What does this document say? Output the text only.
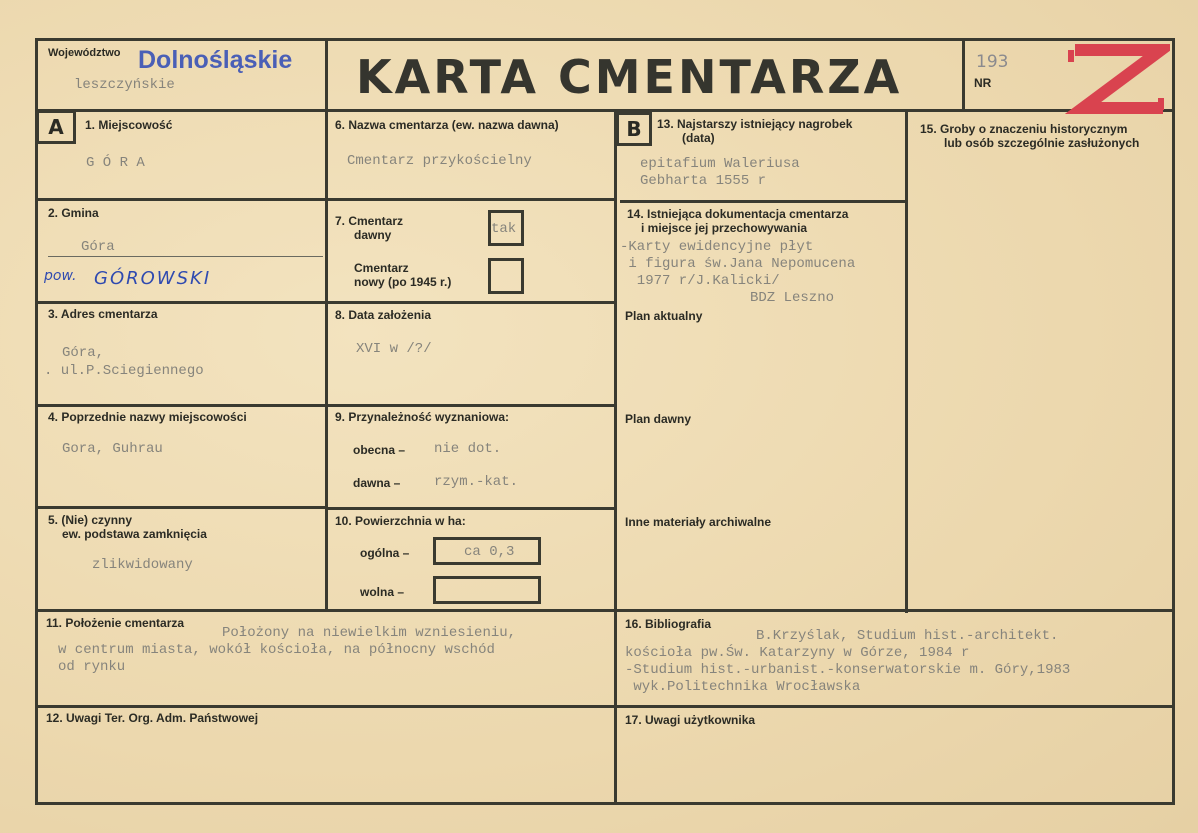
Województwo Dolnośląskie
leszczyńskie	KARTA CMENTARZA	NR
193
A	1. Miejscowość
G Ó R A
2. Gmina
Góra
pow. GÓROWSKI
3. Adres cmentarza
Góra,
. ul.P.Sciegiennego
4. Poprzednie nazwy miejscowości
Gora, Guhrau
5. (Nie) czynny
ew. podstawa zamknięcia
zlikwidowany
6. Nazwa cmentarza (ew. nazwa dawna)
Cmentarz przykościelny
7. Cmentarz
dawny	tak
Cmentarz
nowy (po 1945 r.)
8. Data założenia
XVI w /?/
9. Przynależność wyznaniowa:
obecna – nie dot.
dawna – rzym.-kat.
10. Powierzchnia w ha:
ogólna –	ca 0,3
wolna –
B	13. Najstarszy istniejący nagrobek
(data)
epitafium Waleriusa
Gebharta 1555 r
14. Istniejąca dokumentacja cmentarza
i miejsce jej przechowywania
-Karty ewidencyjne płyt
i figura św.Jana Nepomucena
1977 r/J.Kalicki/
BDZ Leszno
Plan aktualny
Plan dawny
Inne materiały archiwalne
15. Groby o znaczeniu historycznym
lub osób szczególnie zasłużonych
11. Położenie cmentarza
Położony na niewielkim wzniesieniu,
w centrum miasta, wokół kościoła, na północny wschód
od rynku
16. Bibliografia
B.Krzyślak, Studium hist.-architekt.
kościoła pw.Św. Katarzyny w Górze, 1984 r
-Studium hist.-urbanist.-konserwatorskie m. Góry,1983
wyk.Politechnika Wrocławska
12. Uwagi Ter. Org. Adm. Państwowej	17. Uwagi użytkownika
